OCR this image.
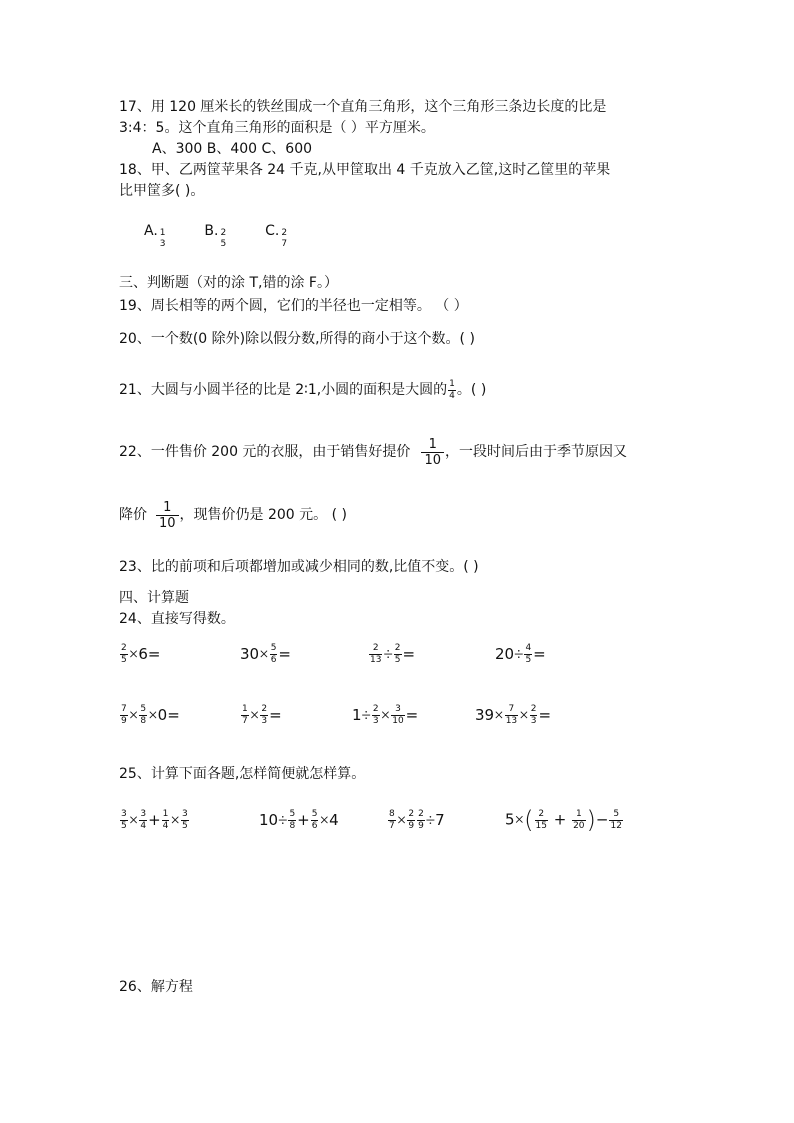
17、用 120 厘米长的铁丝围成一个直角三角形，这个三角形三条边长度的比是
3:4：5。这个直角三角形的面积是（ ）平方厘米。
A、300 B、400 C、600
18、甲、乙两筐苹果各 24 千克,从甲筐取出 4 千克放入乙筐,这时乙筐里的苹果
比甲筐多( )。
A. 1
3
B. 2
5
C. 2
7
三、判断题（对的涂 T,错的涂 F。）
19、周长相等的两个圆，它们的半径也一定相等。 （ ）
20、一个数(0 除外)除以假分数,所得的商小于这个数。( )
21、大圆与小圆半径的比是 2∶1,小圆的面积是大圆的 $\frac{1}{4}$ 。( )
22、一件售价 200 元的衣服，由于销售好提价 $\frac{1}{10}$ ，一段时间后由于季节原因又
降价 $\frac{1}{10}$ ，现售价仍是 200 元。 ( )
23、比的前项和后项都增加或减少相同的数,比值不变。( )
四、计算题
24、直接写得数。
$\frac{2}{5} \times 6=$	$30\times \frac{5}{6}$ =	$\frac{2}{13} \div \frac{2}{5}$ =	$20\div \frac{4}{5}$ =
$\frac{7}{9} \times \frac{5}{8} \times 0=$	$\frac{1}{7} \times \frac{2}{3}$ =	$1\div \frac{2}{3} \times \frac{3}{10}$ =	$39\times \frac{7}{13} \times \frac{2}{3}$ =
25、计算下面各题,怎样简便就怎样算。
$\frac{3}{5} \times \frac{3}{4} + \frac{1}{4} \times \frac{3}{5}$	$10\div \frac{5}{8} + \frac{5}{6} \times 4$	$\frac{8}{7} \times \frac{2}{9} \frac{2}{9} \div 7$	$5\times( \frac{2}{15} + \frac{1}{20}$ )− $\frac{5}{12}$
26、解方程
